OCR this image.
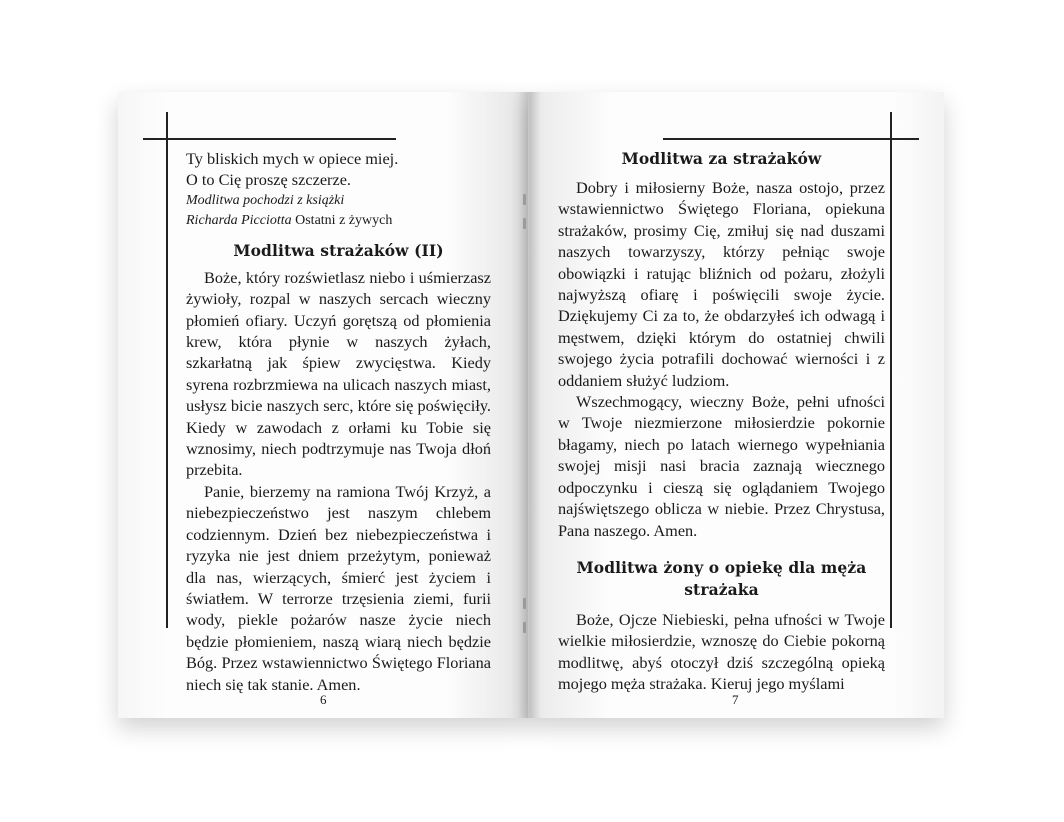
Ty bliskich mych w opiece miej.

O to Cię proszę szczerze.

Modlitwa pochodzi z książki
Richarda Picciotta Ostatni z żywych

Modlitwa strażaków (II)

Boże, który rozświetlasz niebo i uśmierzasz żywioły, rozpal w naszych sercach wieczny płomień ofiary. Uczyń gorętszą od płomienia krew, która płynie w naszych żyłach, szkarłatną jak śpiew zwycięstwa. Kiedy syrena rozbrzmiewa na ulicach naszych miast, usłysz bicie naszych serc, które się poświęciły. Kiedy w zawodach z orłami ku Tobie się wznosimy, niech podtrzymuje nas Twoja dłoń przebita.

Panie, bierzemy na ramiona Twój Krzyż, a niebezpieczeństwo jest naszym chlebem codziennym. Dzień bez niebezpieczeństwa i ryzyka nie jest dniem przeżytym, ponieważ dla nas, wierzących, śmierć jest życiem i światłem. W terrorze trzęsienia ziemi, furii wody, piekle pożarów nasze życie niech będzie płomieniem, naszą wiarą niech będzie Bóg. Przez wstawiennictwo Świętego Floriana niech się tak stanie. Amen.

6
Modlitwa za strażaków

Dobry i miłosierny Boże, nasza ostojo, przez wstawiennictwo Świętego Floriana, opiekuna strażaków, prosimy Cię, zmiłuj się nad duszami naszych towarzyszy, którzy pełniąc swoje obowiązki i ratując bliźnich od pożaru, złożyli najwyższą ofiarę i poświęcili swoje życie. Dziękujemy Ci za to, że obdarzyłeś ich odwagą i męstwem, dzięki którym do ostatniej chwili swojego życia potrafili dochować wierności i z oddaniem służyć ludziom.

Wszechmogący, wieczny Boże, pełni ufności w Twoje niezmierzone miłosierdzie pokornie błagamy, niech po latach wiernego wypełniania swojej misji nasi bracia zaznają wiecznego odpoczynku i cieszą się oglądaniem Twojego najświętszego oblicza w niebie. Przez Chrystusa, Pana naszego. Amen.

Modlitwa żony o opiekę dla męża
strażaka

Boże, Ojcze Niebieski, pełna ufności w Twoje wielkie miłosierdzie, wznoszę do Ciebie pokorną modlitwę, abyś otoczył dziś szczególną opieką mojego męża strażaka. Kieruj jego myślami

7
